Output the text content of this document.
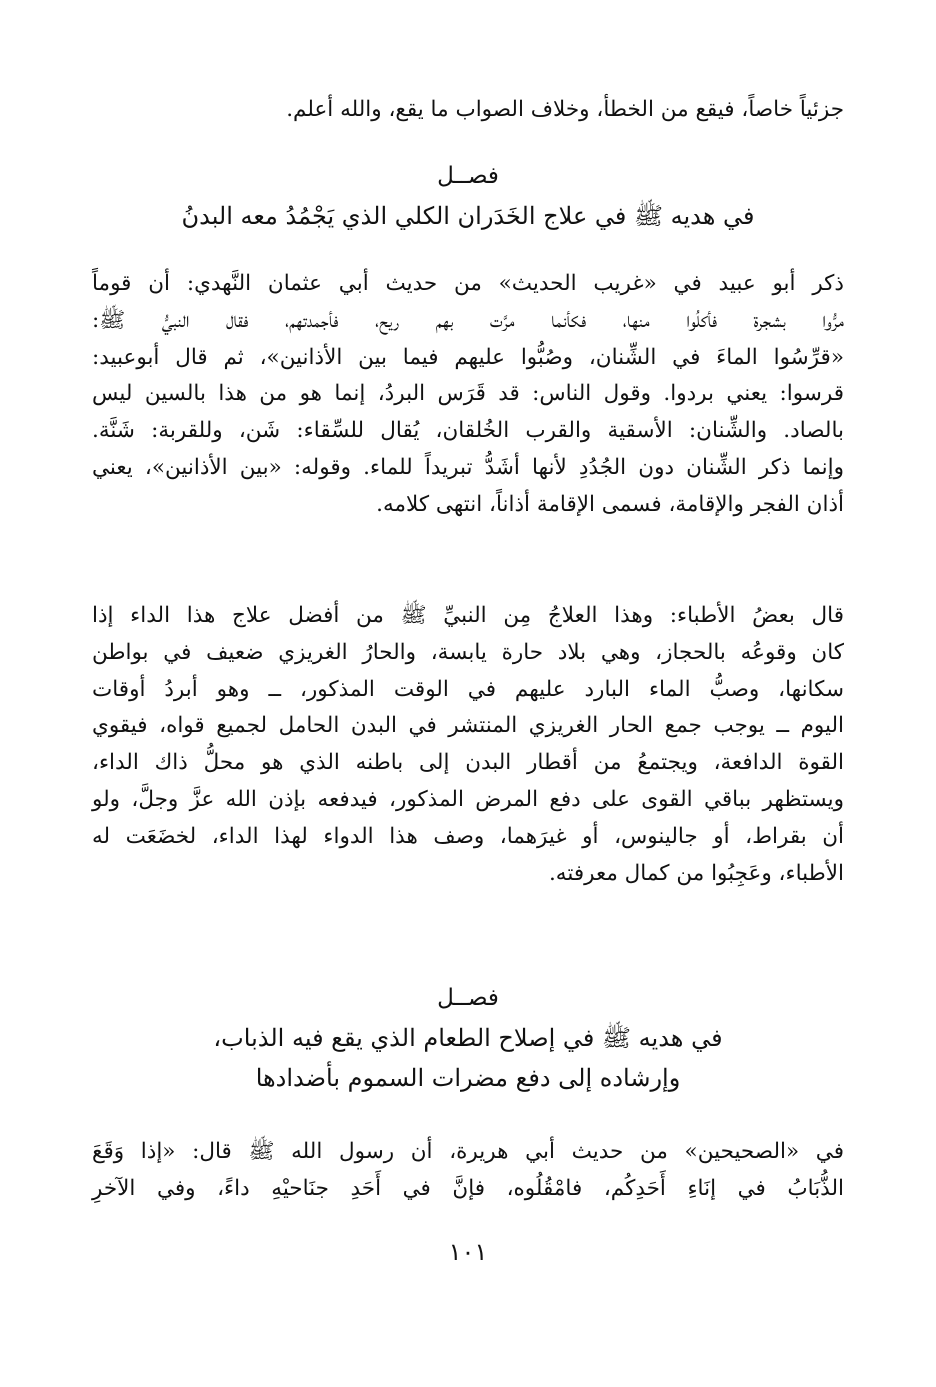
جزئياً خاصاً، فيقع من الخطأ، وخلاف الصواب ما يقع، والله أعلم.
فصــل
في هديه ﷺ في علاج الخَدَران الكلي الذي يَجْمُدُ معه البدنُ
ذكر أبو عبيد في «غريب الحديث» من حديث أبي عثمان النَّهدي: أن قوماً
مرُّوا بشجرة فأكلُوا منها، فكأنما مرَّت بهم ريح، فأجمدتهم، فقال النبيُّ ﷺ:
«قرِّسُوا الماءَ في الشِّنان، وصُبُّوا عليهم فيما بين الأذانين»، ثم قال أبوعبيد:
قرسوا: يعني بردوا. وقول الناس: قد قَرَس البردُ، إنما هو من هذا بالسين ليس
بالصاد. والشِّنان: الأسقية والقرب الخُلقان، يُقال للسِّقاء: شَن، وللقربة: شَنَّة.
وإنما ذكر الشِّنان دون الجُدُدِ لأنها أشَدُّ تبريداً للماء. وقوله: «بين الأذانين»، يعني
أذان الفجر والإقامة، فسمى الإقامة أذاناً، انتهى كلامه.
قال بعضُ الأطباء: وهذا العلاجُ مِن النبيِّ ﷺ من أفضل علاج هذا الداء إذا
كان وقوعُه بالحجاز، وهي بلاد حارة يابسة، والحارُ الغريزي ضعيف في بواطن
سكانها، وصبُّ الماء البارد عليهم في الوقت المذكور، ــ وهو أبردُ أوقات
اليوم ــ يوجب جمع الحار الغريزي المنتشر في البدن الحامل لجميع قواه، فيقوي
القوة الدافعة، ويجتمعُ من أقطار البدن إلى باطنه الذي هو محلُّ ذاك الداء،
ويستظهر بباقي القوى على دفع المرض المذكور، فيدفعه بإذن الله عزَّ وجلَّ، ولو
أن بقراط، أو جالينوس، أو غيرَهما، وصف هذا الدواء لهذا الداء، لخضَعَت له
الأطباء، وعَجِبُوا من كمال معرفته.
فصــل
في هديه ﷺ في إصلاح الطعام الذي يقع فيه الذباب،
وإرشاده إلى دفع مضرات السموم بأضدادها
في «الصحيحين» من حديث أبي هريرة، أن رسول الله ﷺ قال: «إذا وَقَعَ
الذُّبَابُ في إنَاءِ أَحَدِكُم، فامْقُلُوه، فإنَّ في أَحَدِ جنَاحيْهِ داءً، وفي الآخرِ
١٠١
